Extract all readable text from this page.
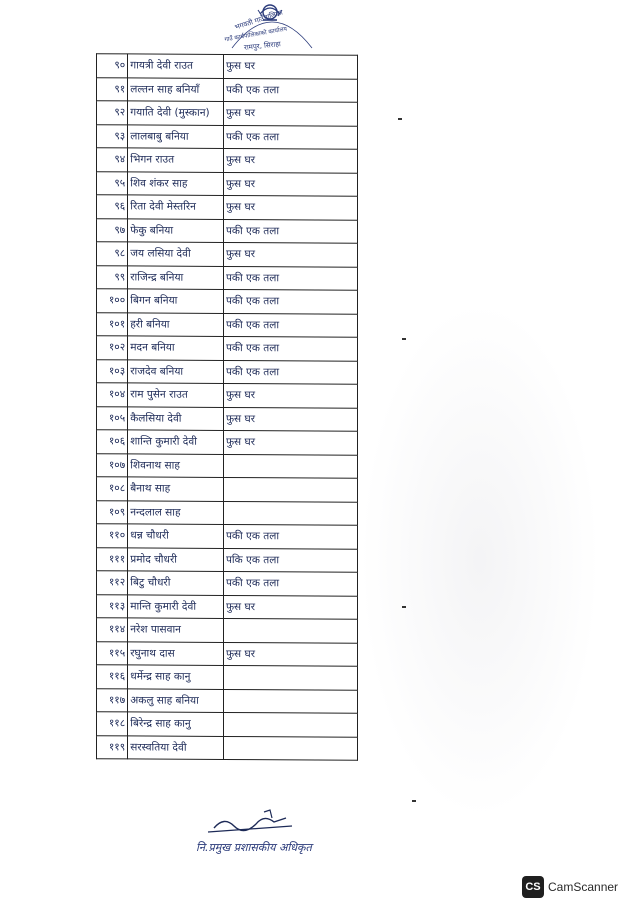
भगवती गाउँपालिका
गाउँ कार्यपालिकाको कार्यालय
रामपुर, सिराहा
९०	गायत्री देवी राउत	फुस घर
९१	लल्तन साह बनियाँ	पकी एक तला
९२	गयाति देवी (मुस्कान)	फुस घर
९३	लालबाबु बनिया	पकी एक तला
९४	भिगन राउत	फुस घर
९५	शिव शंकर साह	फुस घर
९६	रिता देवी मेस्तरिन	फुस घर
९७	फेकु बनिया	पकी एक तला
९८	जय लसिया देवी	फुस घर
९९	राजिन्द्र बनिया	पकी एक तला
१००	बिगन बनिया	पकी एक तला
१०१	हरी बनिया	पकी एक तला
१०२	मदन बनिया	पकी एक तला
१०३	राजदेव बनिया	पकी एक तला
१०४	राम पुसेन राउत	फुस घर
१०५	कैलसिया देवी	फुस घर
१०६	शान्ति कुमारी देवी	फुस घर
१०७	शिवनाथ साह	
१०८	बैनाथ साह	
१०९	नन्दलाल साह	
११०	धन्न चौधरी	पकी एक तला
१११	प्रमोद चौधरी	पकि एक तला
११२	बिटु चौधरी	पकी एक तला
११३	मान्ति कुमारी देवी	फुस घर
११४	नरेश पासवान	
११५	रघुनाथ दास	फुस घर
११६	धर्मेन्द्र साह कानु	
११७	अकलु साह बनिया	
११८	बिरेन्द्र साह कानु	
११९	सरस्वतिया देवी	
नि.प्रमुख प्रशासकीय अधिकृत
CS CamScanner
